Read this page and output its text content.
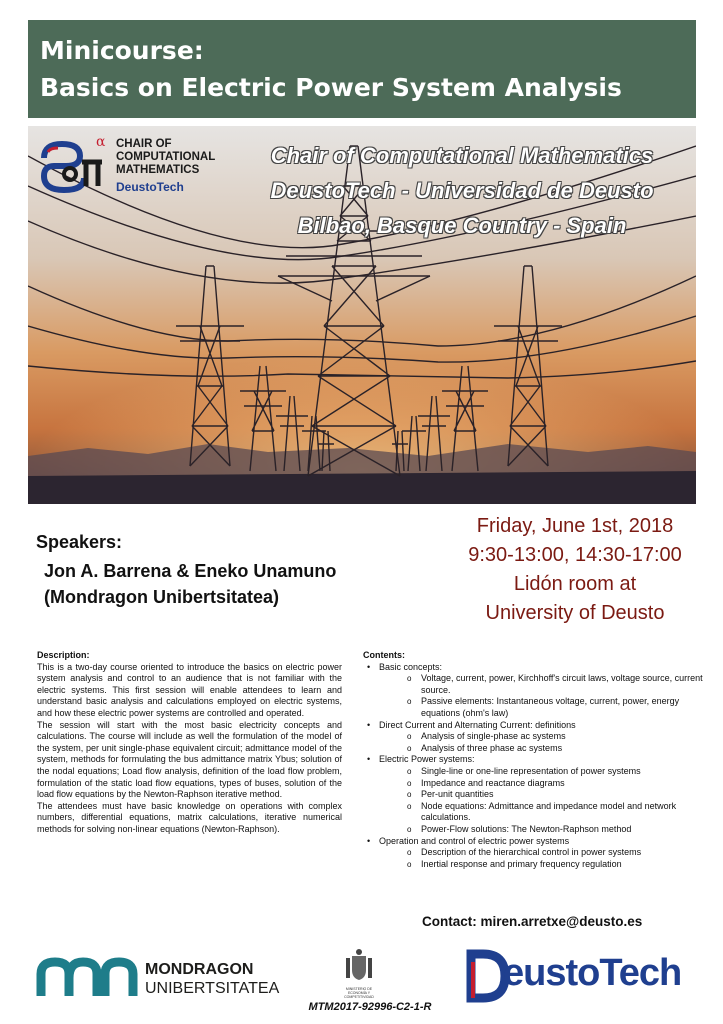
Minicourse:
Basics on Electric Power System Analysis
α CHAIR OF
COMPUTATIONAL
MATHEMATICS
DeustoTech
Chair of Computational Mathematics
DeustoTech - Universidad de Deusto
Bilbao, Basque Country - Spain
Speakers:
Jon A. Barrena & Eneko Unamuno
(Mondragon Unibertsitatea)
Friday, June 1st, 2018
9:30-13:00, 14:30-17:00
Lidón room at
University of Deusto
Description:

This is a two-day course oriented to introduce the basics on electric power system analysis and control to an audience that is not familiar with the electric systems. This first session will enable attendees to learn and understand basic analysis and calculations employed on electric systems, and how these electric power systems are controlled and operated.

The session will start with the most basic electricity concepts and calculations. The course will include as well the formulation of the model of the system, per unit single-phase equivalent circuit; admittance model of the system, methods for formulating the bus admittance matrix Ybus; solution of the nodal equations; Load flow analysis, definition of the load flow problem, formulation of the static load flow equations, types of buses, solution of the load flow equations by the Newton-Raphson iterative method.

The attendees must have basic knowledge on operations with complex numbers, differential equations, matrix calculations, iterative numerical methods for solving non-linear equations (Newton-Raphson).

Contents:
• Basic concepts:
o Voltage, current, power, Kirchhoff's circuit laws, voltage source, current source.
o Passive elements: Instantaneous voltage, current, power, energy equations (ohm's law)
• Direct Current and Alternating Current: definitions
o Analysis of single-phase ac systems
o Analysis of three phase ac systems
• Electric Power systems:
o Single-line or one-line representation of power systems
o Impedance and reactance diagrams
o Per-unit quantities
o Node equations: Admittance and impedance model and network calculations.
o Power-Flow solutions: The Newton-Raphson method
• Operation and control of electric power systems
o Description of the hierarchical control in power systems
o Inertial response and primary frequency regulation
Contact: miren.arretxe@deusto.es
MONDRAGON
UNIBERTSITATEA	MINISTERIO DE ECONOMÍA Y COMPETITIVIDAD
MTM2017-92996-C2-1-R
eustoTech
